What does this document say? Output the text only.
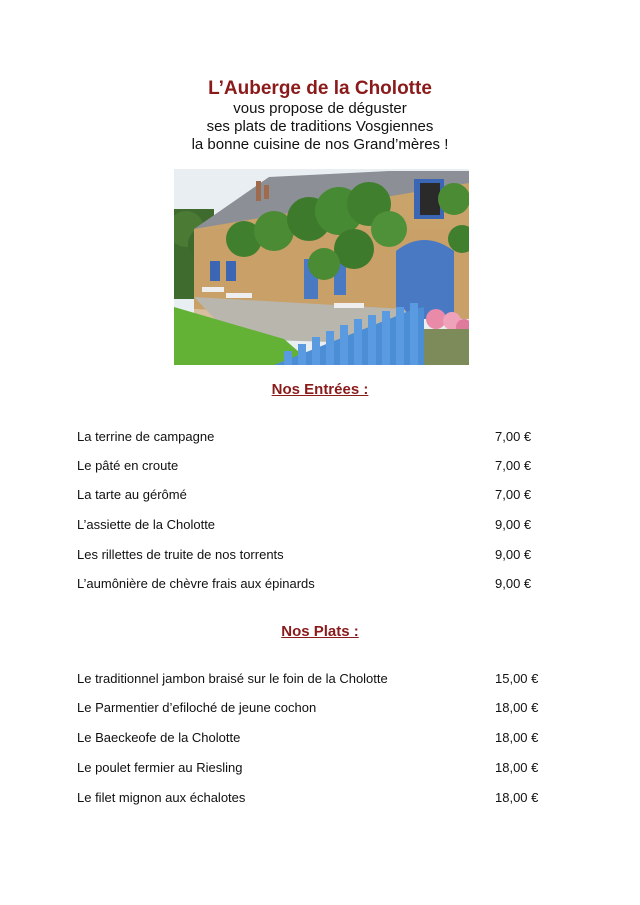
L’Auberge de la Cholotte
vous propose de déguster
ses plats de traditions Vosgiennes
la bonne cuisine de nos Grand’mères !
Nos Entrées :
La terrine de campagne	7,00 €
Le pâté en croute	7,00 €
La tarte au gérômé	7,00 €
L’assiette de la Cholotte	9,00 €
Les rillettes de truite de nos torrents	9,00 €
L’aumônière de chèvre frais aux épinards	9,00 €
Nos Plats :
Le traditionnel jambon braisé sur le foin de la Cholotte	15,00 €
Le Parmentier d’efiloché de jeune cochon	18,00 €
Le Baeckeofe de la Cholotte	18,00 €
Le poulet fermier au Riesling	18,00 €
Le filet mignon aux échalotes	18,00 €
